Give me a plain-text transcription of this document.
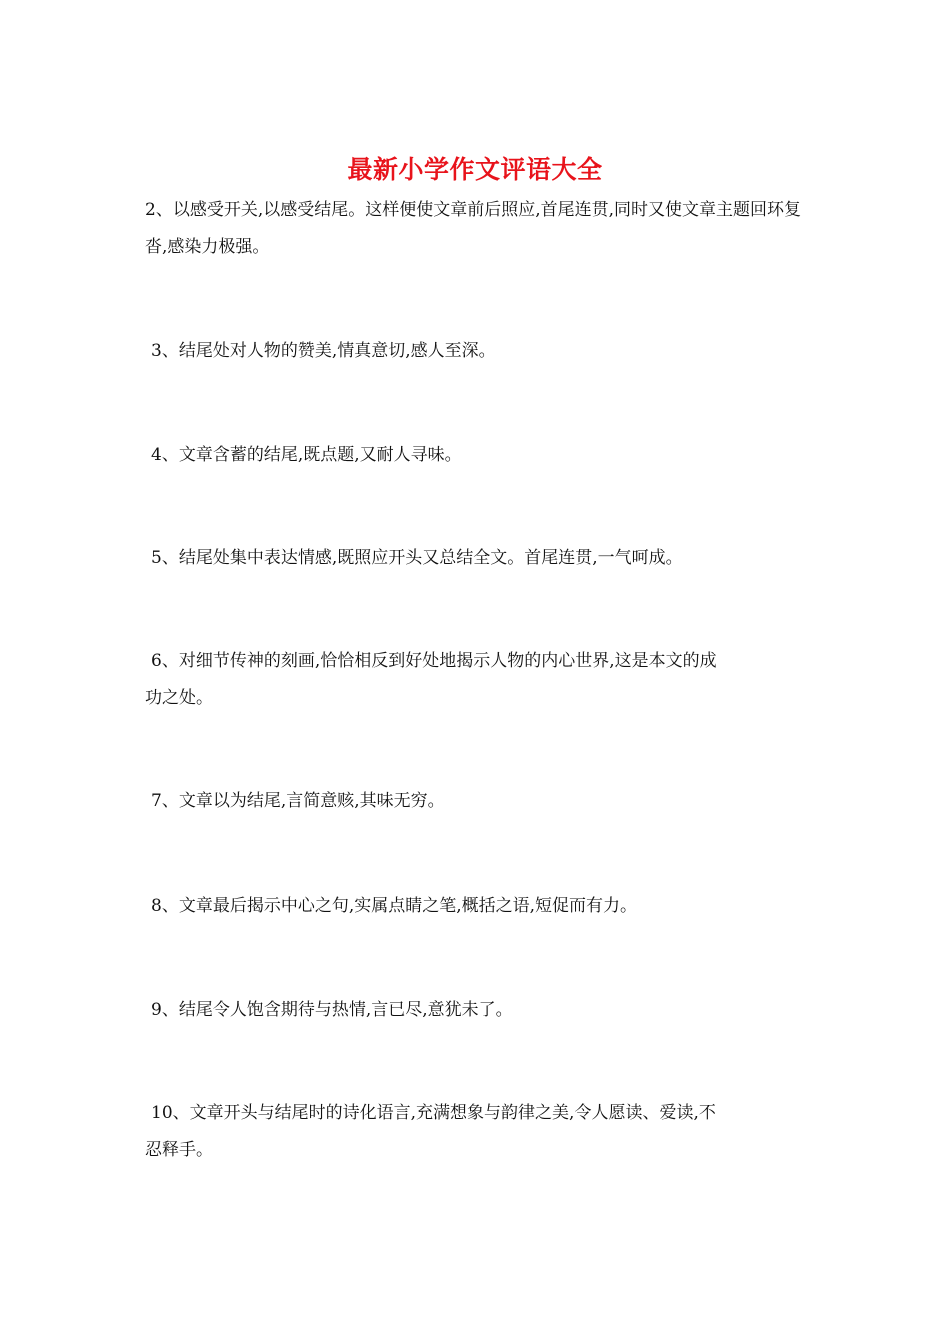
最新小学作文评语大全

2、以感受开关,以感受结尾。这样便使文章前后照应,首尾连贯,同时又使文章主题回环复沓,感染力极强。

3、结尾处对人物的赞美,情真意切,感人至深。

4、文章含蓄的结尾,既点题,又耐人寻味。

5、结尾处集中表达情感,既照应开头又总结全文。首尾连贯,一气呵成。

6、对细节传神的刻画,恰恰相反到好处地揭示人物的内心世界,这是本文的成
功之处。

7、文章以为结尾,言简意赅,其味无穷。

8、文章最后揭示中心之句,实属点睛之笔,概括之语,短促而有力。

9、结尾令人饱含期待与热情,言已尽,意犹未了。

10、文章开头与结尾时的诗化语言,充满想象与韵律之美,令人愿读、爱读,不
忍释手。
